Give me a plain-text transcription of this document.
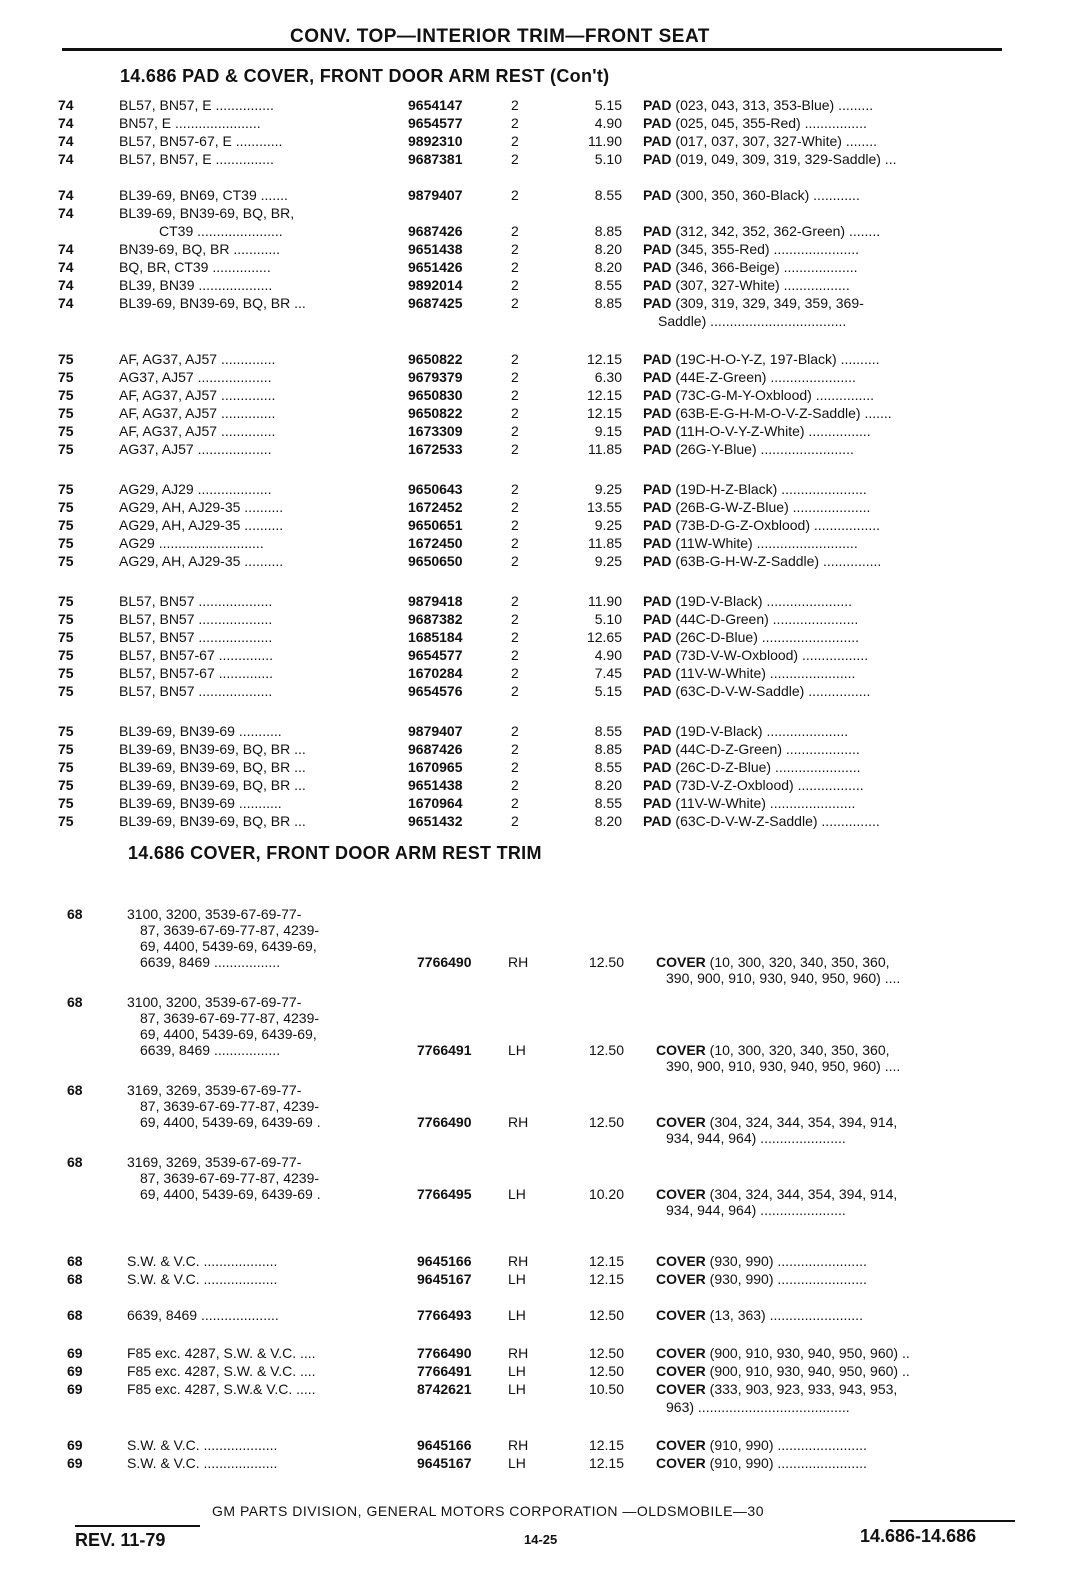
CONV. TOP—INTERIOR TRIM—FRONT SEAT
14.686 PAD & COVER, FRONT DOOR ARM REST (Con't)
14.686 COVER, FRONT DOOR ARM REST TRIM
74	BL57, BN57, E ...............	9654147	2	5.15 PAD (023, 043, 313, 353-Blue) .........
74	BN57, E ......................	9654577	2	4.90 PAD (025, 045, 355-Red) ................
74	BL57, BN57-67, E ............	9892310	2	11.90 PAD (017, 037, 307, 327-White) ........
74	BL57, BN57, E ...............	9687381	2	5.10 PAD (019, 049, 309, 319, 329-Saddle) ...
74	BL39-69, BN69, CT39 .......	9879407	2	8.55 PAD (300, 350, 360-Black) ............
74	BL39-69, BN39-69, BQ, BR,
CT39 ......................	9687426	2	8.85 PAD (312, 342, 352, 362-Green) ........
74	BN39-69, BQ, BR ............	9651438	2	8.20 PAD (345, 355-Red) ......................
74	BQ, BR, CT39 ...............	9651426	2	8.20 PAD (346, 366-Beige) ...................
74	BL39, BN39 ...................	9892014	2	8.55 PAD (307, 327-White) .................
74	BL39-69, BN39-69, BQ, BR ...	9687425	2	8.85 PAD (309, 319, 329, 349, 359, 369-
Saddle) ...................................
75	AF, AG37, AJ57 ..............	9650822	2	12.15 PAD (19C-H-O-Y-Z, 197-Black) ..........
75	AG37, AJ57 ...................	9679379	2	6.30 PAD (44E-Z-Green) ......................
75	AF, AG37, AJ57 ..............	9650830	2	12.15 PAD (73C-G-M-Y-Oxblood) ...............
75	AF, AG37, AJ57 ..............	9650822	2	12.15 PAD (63B-E-G-H-M-O-V-Z-Saddle) .......
75	AF, AG37, AJ57 ..............	1673309	2	9.15 PAD (11H-O-V-Y-Z-White) ................
75	AG37, AJ57 ...................	1672533	2	11.85 PAD (26G-Y-Blue) ........................
75	AG29, AJ29 ...................	9650643	2	9.25 PAD (19D-H-Z-Black) ......................
75	AG29, AH, AJ29-35 ..........	1672452	2	13.55 PAD (26B-G-W-Z-Blue) ....................
75	AG29, AH, AJ29-35 ..........	9650651	2	9.25 PAD (73B-D-G-Z-Oxblood) .................
75	AG29 ...........................	1672450	2	11.85 PAD (11W-White) ..........................
75	AG29, AH, AJ29-35 ..........	9650650	2	9.25 PAD (63B-G-H-W-Z-Saddle) ...............
75	BL57, BN57 ...................	9879418	2	11.90 PAD (19D-V-Black) ......................
75	BL57, BN57 ...................	9687382	2	5.10 PAD (44C-D-Green) ......................
75	BL57, BN57 ...................	1685184	2	12.65 PAD (26C-D-Blue) .........................
75	BL57, BN57-67 ..............	9654577	2	4.90 PAD (73D-V-W-Oxblood) .................
75	BL57, BN57-67 ..............	1670284	2	7.45 PAD (11V-W-White) ......................
75	BL57, BN57 ...................	9654576	2	5.15 PAD (63C-D-V-W-Saddle) ................
75	BL39-69, BN39-69 ...........	9879407	2	8.55 PAD (19D-V-Black) .....................
75	BL39-69, BN39-69, BQ, BR ...	9687426	2	8.85 PAD (44C-D-Z-Green) ...................
75	BL39-69, BN39-69, BQ, BR ...	1670965	2	8.55 PAD (26C-D-Z-Blue) ......................
75	BL39-69, BN39-69, BQ, BR ...	9651438	2	8.20 PAD (73D-V-Z-Oxblood) .................
75	BL39-69, BN39-69 ...........	1670964	2	8.55 PAD (11V-W-White) ......................
75	BL39-69, BN39-69, BQ, BR ...	9651432	2	8.20 PAD (63C-D-V-W-Z-Saddle) ...............
68	3100, 3200, 3539-67-69-77-
87, 3639-67-69-77-87, 4239-
69, 4400, 5439-69, 6439-69,
6639, 8469 .................	7766490	RH	12.50 COVER (10, 300, 320, 340, 350, 360,
390, 900, 910, 930, 940, 950, 960) ....
68	3100, 3200, 3539-67-69-77-
87, 3639-67-69-77-87, 4239-
69, 4400, 5439-69, 6439-69,
6639, 8469 .................	7766491	LH	12.50 COVER (10, 300, 320, 340, 350, 360,
390, 900, 910, 930, 940, 950, 960) ....
68	3169, 3269, 3539-67-69-77-
87, 3639-67-69-77-87, 4239-
69, 4400, 5439-69, 6439-69 .	7766490	RH	12.50 COVER (304, 324, 344, 354, 394, 914,
934, 944, 964) ......................
68	3169, 3269, 3539-67-69-77-
87, 3639-67-69-77-87, 4239-
69, 4400, 5439-69, 6439-69 .	7766495	LH	10.20 COVER (304, 324, 344, 354, 394, 914,
934, 944, 964) ......................
68	S.W. & V.C. ...................	9645166	RH	12.15 COVER (930, 990) .......................
68	S.W. & V.C. ...................	9645167	LH	12.15 COVER (930, 990) .......................
68	6639, 8469 ....................	7766493	LH	12.50 COVER (13, 363) ........................
69	F85 exc. 4287, S.W. & V.C. ....	7766490	RH	12.50 COVER (900, 910, 930, 940, 950, 960) ..
69	F85 exc. 4287, S.W. & V.C. ....	7766491	LH	12.50 COVER (900, 910, 930, 940, 950, 960) ..
69	F85 exc. 4287, S.W.& V.C. .....	8742621	LH	10.50 COVER (333, 903, 923, 933, 943, 953,
963) .......................................
69	S.W. & V.C. ...................	9645166	RH	12.15 COVER (910, 990) .......................
69	S.W. & V.C. ...................	9645167	LH	12.15 COVER (910, 990) .......................
GM PARTS DIVISION, GENERAL MOTORS CORPORATION —OLDSMOBILE—30
REV. 11-79	14-25	14.686-14.686
